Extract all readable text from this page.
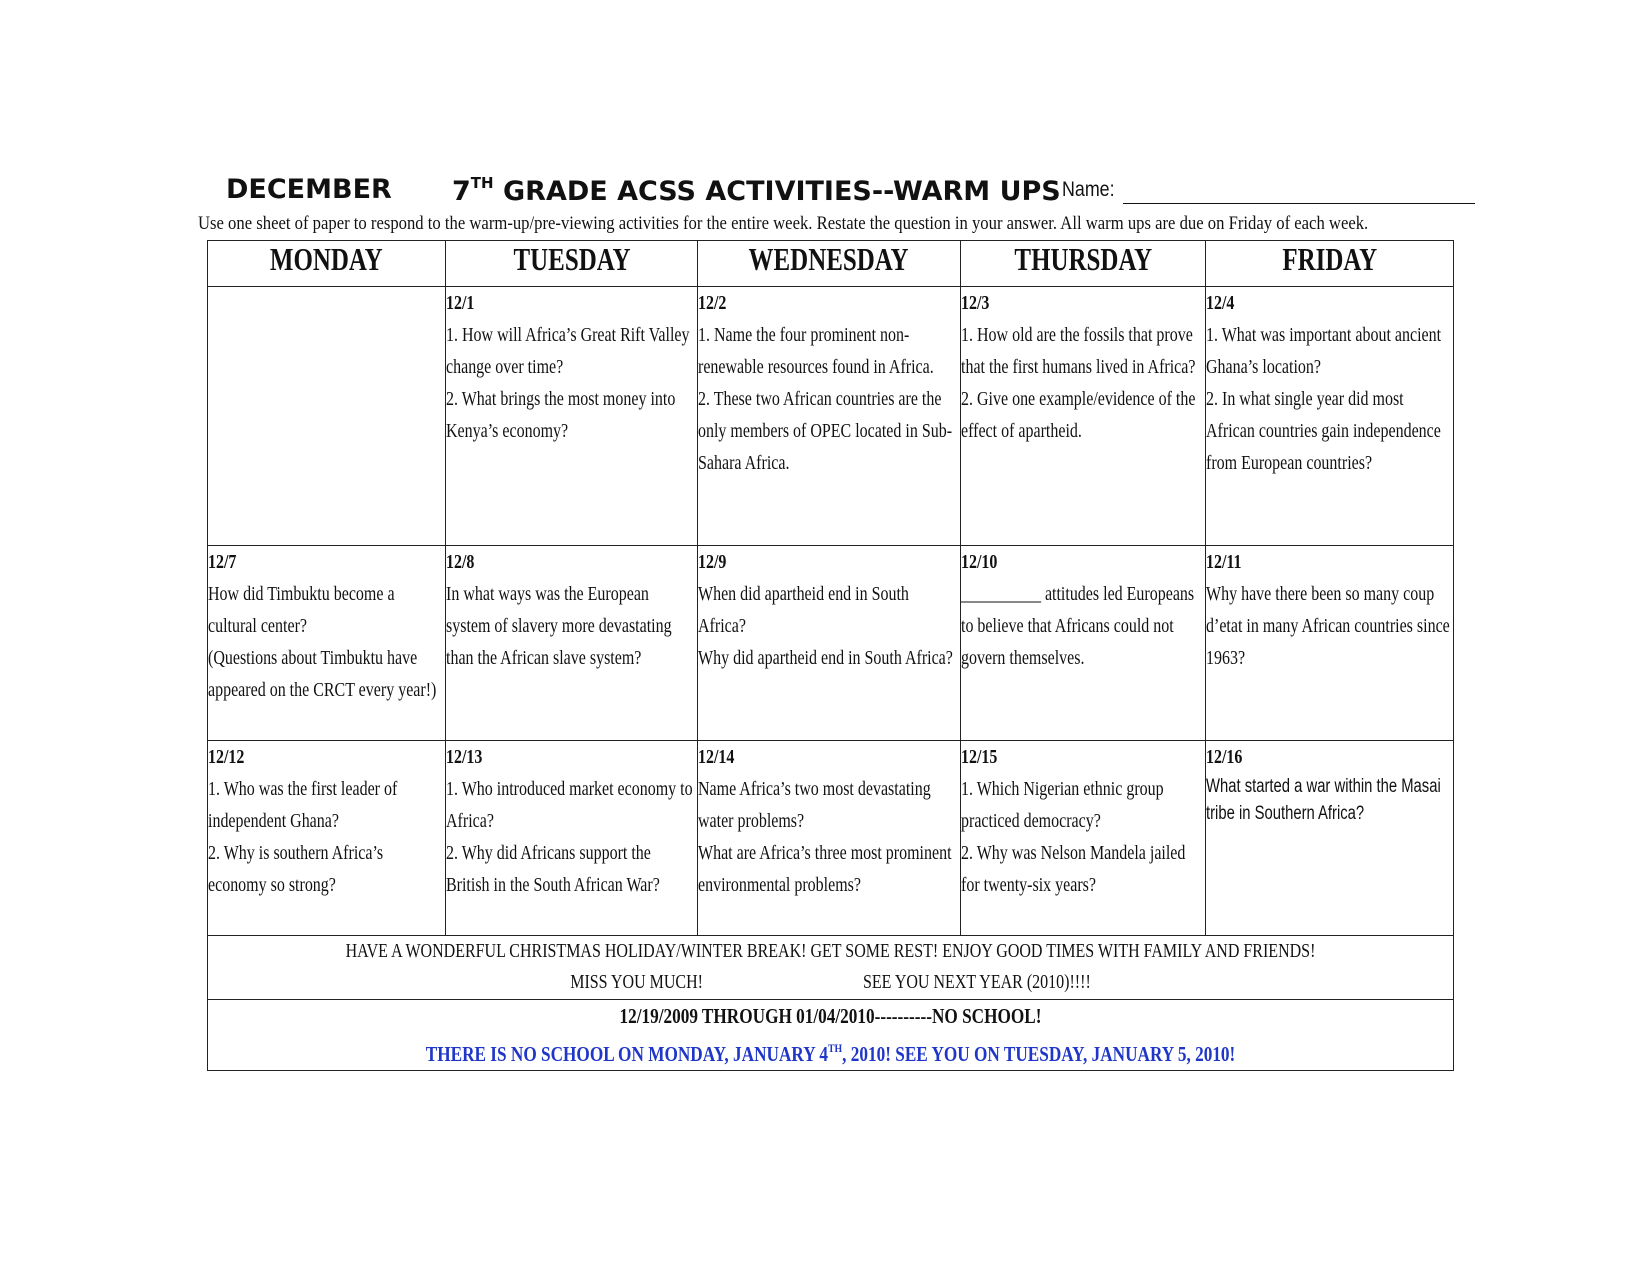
DECEMBER 7TH GRADE ACSS ACTIVITIES--WARM UPS Name:
Use one sheet of paper to respond to the warm-up/pre-viewing activities for the entire week. Restate the question in your answer. All warm ups are due on Friday of each week.
MONDAY	TUESDAY	WEDNESDAY	THURSDAY	FRIDAY

	12/1
1. How will Africa’s Great Rift Valley change over time?
2. What brings the most money into Kenya’s economy?	12/2
1. Name the four prominent non-renewable resources found in Africa.
2. These two African countries are the only members of OPEC located in Sub-Sahara Africa.	12/3
1. How old are the fossils that prove that the first humans lived in Africa?
2. Give one example/evidence of the effect of apartheid.	12/4
1. What was important about ancient Ghana’s location?
2. In what single year did most African countries gain independence from European countries?

12/7
How did Timbuktu become a cultural center?
(Questions about Timbuktu have appeared on the CRCT every year!)	12/8
In what ways was the European system of slavery more devastating than the African slave system?	12/9
When did apartheid end in South Africa?
Why did apartheid end in South Africa?	12/10
__________ attitudes led Europeans to believe that Africans could not govern themselves.	12/11
Why have there been so many coup d’etat in many African countries since 1963?

12/12
1. Who was the first leader of independent Ghana?
2. Why is southern Africa’s economy so strong?	12/13
1. Who introduced market economy to Africa?
2. Why did Africans support the British in the South African War?	12/14
Name Africa’s two most devastating water problems?
What are Africa’s three most prominent environmental problems?	12/15
1. Which Nigerian ethnic group practiced democracy?
2. Why was Nelson Mandela jailed for twenty-six years?	12/16
What started a war within the Masai tribe in Southern Africa?

HAVE A WONDERFUL CHRISTMAS HOLIDAY/WINTER BREAK! GET SOME REST! ENJOY GOOD TIMES WITH FAMILY AND FRIENDS!
MISS YOU MUCH! SEE YOU NEXT YEAR (2010)!!!!				

12/19/2009 THROUGH 01/04/2010----------NO SCHOOL!
THERE IS NO SCHOOL ON MONDAY, JANUARY 4TH, 2010! SEE YOU ON TUESDAY, JANUARY 5, 2010!				
